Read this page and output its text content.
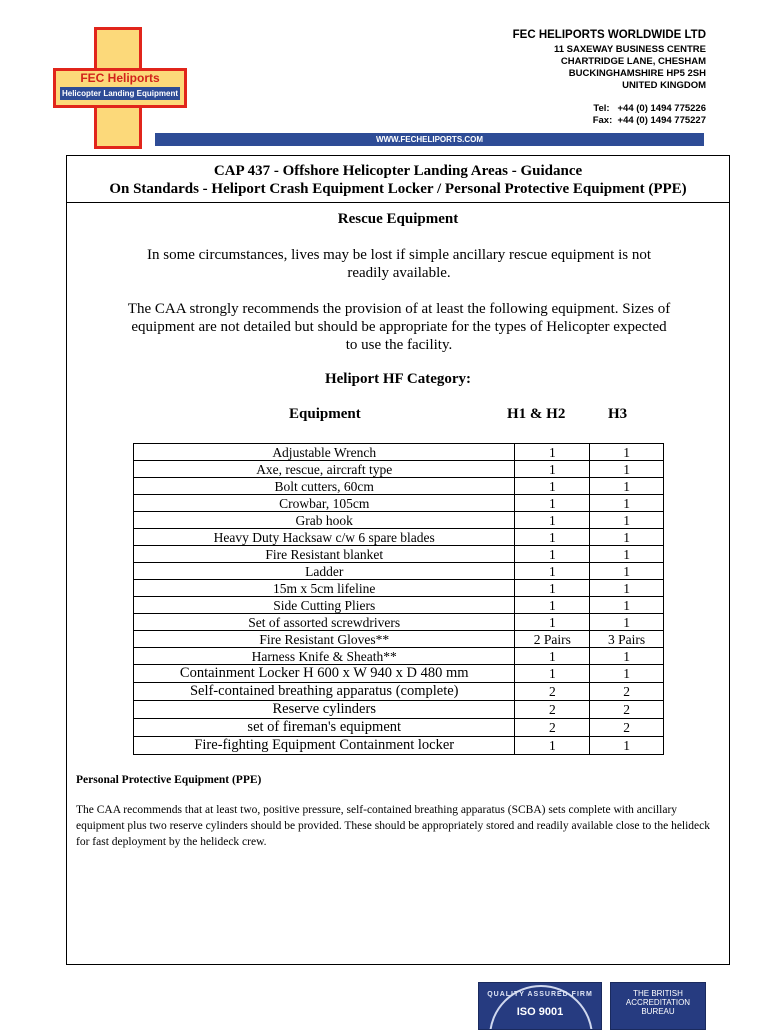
FEC Heliports
Helicopter Landing Equipment
FEC HELIPORTS WORLDWIDE LTD
11 SAXEWAY BUSINESS CENTRE
CHARTRIDGE LANE, CHESHAM
BUCKINGHAMSHIRE HP5 2SH
UNITED KINGDOM
Tel:   +44 (0) 1494 775226
Fax:  +44 (0) 1494 775227
WWW.FECHELIPORTS.COM
CAP 437 - Offshore Helicopter Landing Areas - Guidance
On Standards - Heliport Crash Equipment Locker / Personal Protective Equipment (PPE)
Rescue Equipment
In some circumstances, lives may be lost if simple ancillary rescue equipment is not readily available.
The CAA strongly recommends the provision of at least the following equipment. Sizes of equipment are not detailed but should be appropriate for the types of Helicopter expected to use the facility.
Heliport HF Category:
Equipment	H1 & H2	H3
Adjustable Wrench	1	1
Axe, rescue, aircraft type	1	1
Bolt cutters, 60cm	1	1
Crowbar, 105cm	1	1
Grab hook	1	1
Heavy Duty Hacksaw c/w 6 spare blades	1	1
Fire Resistant blanket	1	1
Ladder	1	1
15m x 5cm lifeline	1	1
Side Cutting Pliers	1	1
Set of assorted screwdrivers	1	1
Fire Resistant Gloves**	2 Pairs	3 Pairs
Harness Knife & Sheath**	1	1
Containment Locker H 600 x W 940 x D 480 mm	1	1
Self-contained breathing apparatus (complete)	2	2
Reserve cylinders	2	2
set of fireman's equipment	2	2
Fire-fighting Equipment Containment locker	1	1
Personal Protective Equipment (PPE)
The CAA recommends that at least two, positive pressure, self-contained breathing apparatus (SCBA) sets complete with ancillary equipment plus two reserve cylinders should be provided. These should be appropriately stored and readily available close to the helideck for fast deployment by the helideck crew.
QUALITY ASSURED FIRM
ISO 9001
THE BRITISH ACCREDITATION BUREAU
